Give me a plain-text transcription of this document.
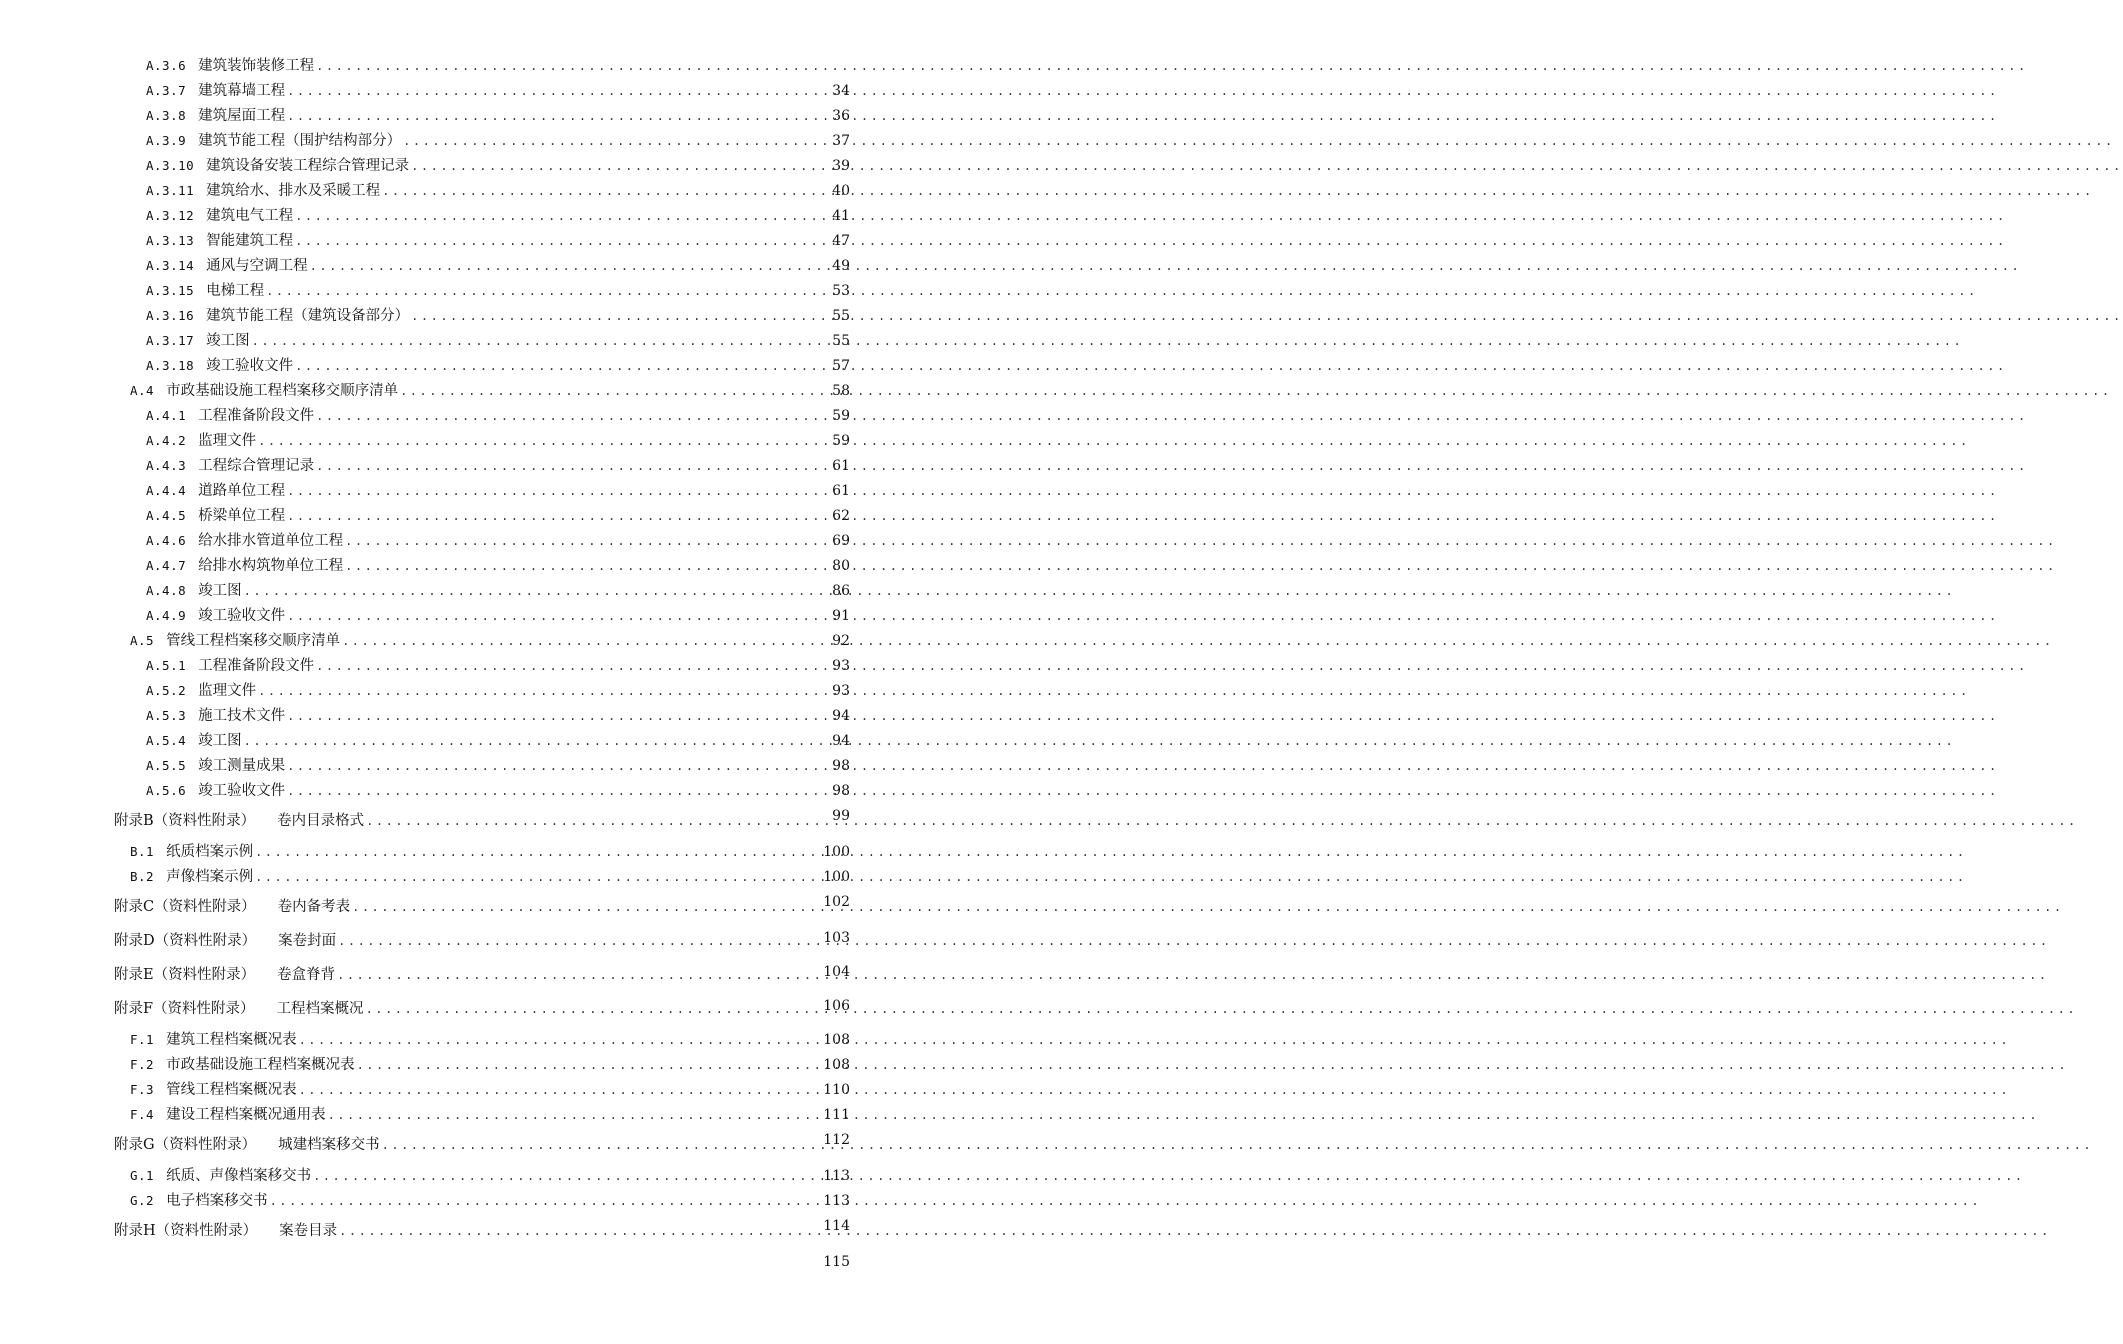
A.3.6 建筑装饰装修工程
.....
34
A.3.7 建筑幕墙工程
.....
36
A.3.8 建筑屋面工程
.....
37
A.3.9 建筑节能工程（围护结构部分）
.....
39
A.3.10 建筑设备安装工程综合管理记录
.....
40
A.3.11 建筑给水、排水及采暖工程
.....
41
A.3.12 建筑电气工程
.....
47
A.3.13 智能建筑工程
.....
49
A.3.14 通风与空调工程
.....
53
A.3.15 电梯工程
.....
55
A.3.16 建筑节能工程（建筑设备部分）
.....
55
A.3.17 竣工图
.....
57
A.3.18 竣工验收文件
.....
58
A.4 市政基础设施工程档案移交顺序清单
.....
59
A.4.1 工程准备阶段文件
.....
59
A.4.2 监理文件
.....
61
A.4.3 工程综合管理记录
.....
61
A.4.4 道路单位工程
.....
62
A.4.5 桥梁单位工程
.....
69
A.4.6 给水排水管道单位工程
.....
80
A.4.7 给排水构筑物单位工程
.....
86
A.4.8 竣工图
.....
91
A.4.9 竣工验收文件
.....
92
A.5 管线工程档案移交顺序清单
.....
93
A.5.1 工程准备阶段文件
.....
93
A.5.2 监理文件
.....
94
A.5.3 施工技术文件
.....
94
A.5.4 竣工图
.....
98
A.5.5 竣工测量成果
.....
98
A.5.6 竣工验收文件
.....
99
附录B（资料性附录） 卷内目录格式
.....
100
B.1 纸质档案示例
.....
100
B.2 声像档案示例
.....
102
附录C（资料性附录） 卷内备考表
.....
103
附录D（资料性附录） 案卷封面
.....
104
附录E（资料性附录） 卷盒脊背
.....
106
附录F（资料性附录） 工程档案概况
.....
108
F.1 建筑工程档案概况表
.....
108
F.2 市政基础设施工程档案概况表
.....
110
F.3 管线工程档案概况表
.....
111
F.4 建设工程档案概况通用表
.....
112
附录G（资料性附录） 城建档案移交书
.....
113
G.1 纸质、声像档案移交书
.....
113
G.2 电子档案移交书
.....
114
附录H（资料性附录） 案卷目录
.....
115
